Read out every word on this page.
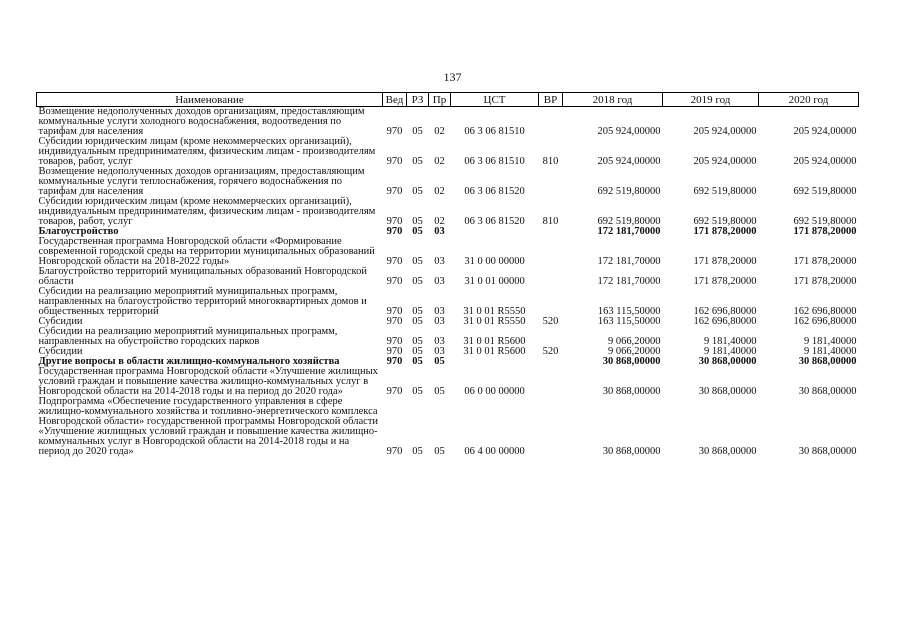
137
Наименование	Вед	РЗ	Пр	ЦСТ	ВР	2018 год	2019 год	2020 год
Возмещение недополученных доходов организациям, предоставляющим коммунальные услуги холодного водоснабжения, водоотведения по тарифам для населения	970	05	02	06 3 06 81510		205 924,00000	205 924,00000	205 924,00000
Субсидии юридическим лицам (кроме некоммерческих организаций), индивидуальным предпринимателям, физическим лицам - производителям товаров, работ, услуг	970	05	02	06 3 06 81510	810	205 924,00000	205 924,00000	205 924,00000
Возмещение недополученных доходов организациям, предоставляющим коммунальные услуги теплоснабжения, горячего водоснабжения по тарифам для населения	970	05	02	06 3 06 81520		692 519,80000	692 519,80000	692 519,80000
Субсидии юридическим лицам (кроме некоммерческих организаций), индивидуальным предпринимателям, физическим лицам - производителям товаров, работ, услуг	970	05	02	06 3 06 81520	810	692 519,80000	692 519,80000	692 519,80000
Благоустройство	970	05	03			172 181,70000	171 878,20000	171 878,20000
Государственная программа Новгородской области «Формирование современной городской среды на территории муниципальных образований Новгородской области на 2018-2022 годы»	970	05	03	31 0 00 00000		172 181,70000	171 878,20000	171 878,20000
Благоустройство территорий муниципальных образований Новгородской области	970	05	03	31 0 01 00000		172 181,70000	171 878,20000	171 878,20000
Субсидии на реализацию мероприятий муниципальных программ, направленных на благоустройство территорий многоквартирных домов и общественных территорий	970	05	03	31 0 01 R5550		163 115,50000	162 696,80000	162 696,80000
Субсидии	970	05	03	31 0 01 R5550	520	163 115,50000	162 696,80000	162 696,80000
Субсидии на реализацию мероприятий муниципальных программ, направленных на обустройство городских парков	970	05	03	31 0 01 R5600		9 066,20000	9 181,40000	9 181,40000
Субсидии	970	05	03	31 0 01 R5600	520	9 066,20000	9 181,40000	9 181,40000
Другие вопросы в области жилищно-коммунального хозяйства	970	05	05			30 868,00000	30 868,00000	30 868,00000
Государственная программа Новгородской области «Улучшение жилищных условий граждан и повышение качества жилищно-коммунальных услуг в Новгородской области на 2014-2018 годы и на период до 2020 года»	970	05	05	06 0 00 00000		30 868,00000	30 868,00000	30 868,00000
Подпрограмма «Обеспечение государственного управления в сфере жилищно-коммунального хозяйства и топливно-энергетического комплекса Новгородской области» государственной программы Новгородской области «Улучшение жилищных условий граждан и повышение качества жилищно-коммунальных услуг в Новгородской области на 2014-2018 годы и на период до 2020 года»	970	05	05	06 4 00 00000		30 868,00000	30 868,00000	30 868,00000
